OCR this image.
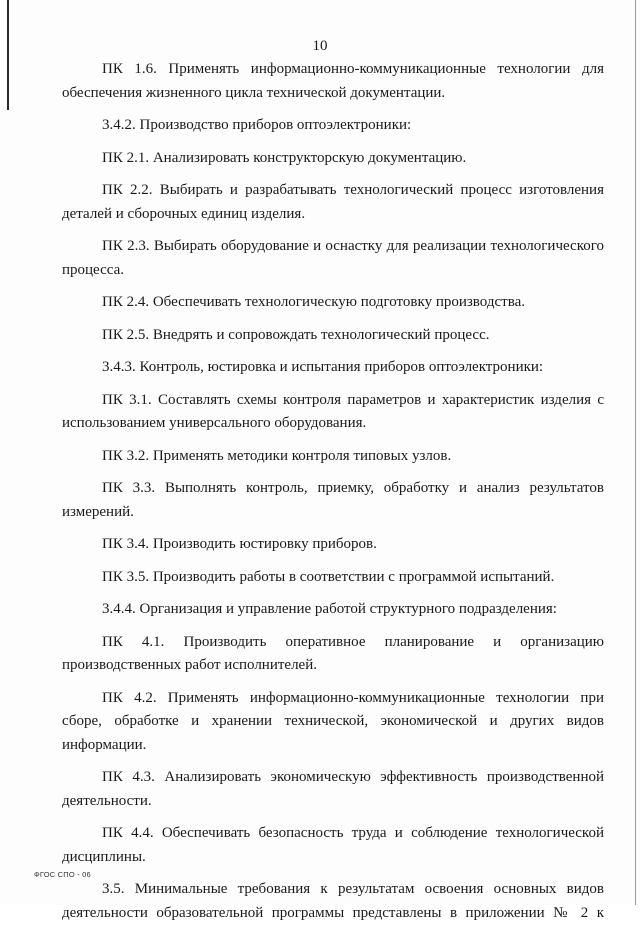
10

ПК 1.6. Применять информационно-коммуникационные технологии для обеспечения жизненного цикла технической документации.

3.4.2. Производство приборов оптоэлектроники:

ПК 2.1. Анализировать конструкторскую документацию.

ПК 2.2. Выбирать и разрабатывать технологический процесс изготовления деталей и сборочных единиц изделия.

ПК 2.3. Выбирать оборудование и оснастку для реализации технологического процесса.

ПК 2.4. Обеспечивать технологическую подготовку производства.

ПК 2.5. Внедрять и сопровождать технологический процесс.

3.4.3. Контроль, юстировка и испытания приборов оптоэлектроники:

ПК 3.1. Составлять схемы контроля параметров и характеристик изделия с использованием универсального оборудования.

ПК 3.2. Применять методики контроля типовых узлов.

ПК 3.3. Выполнять контроль, приемку, обработку и анализ результатов измерений.

ПК 3.4. Производить юстировку приборов.

ПК 3.5. Производить работы в соответствии с программой испытаний.

3.4.4. Организация и управление работой структурного подразделения:

ПК 4.1. Производить оперативное планирование и организацию производственных работ исполнителей.

ПК 4.2. Применять информационно-коммуникационные технологии при сборе, обработке и хранении технической, экономической и других видов информации.

ПК 4.3. Анализировать экономическую эффективность производственной деятельности.

ПК 4.4. Обеспечивать безопасность труда и соблюдение технологической дисциплины.

3.5. Минимальные требования к результатам освоения основных видов деятельности образовательной программы представлены в приложении № 2 к

ФГОС СПО - 06
